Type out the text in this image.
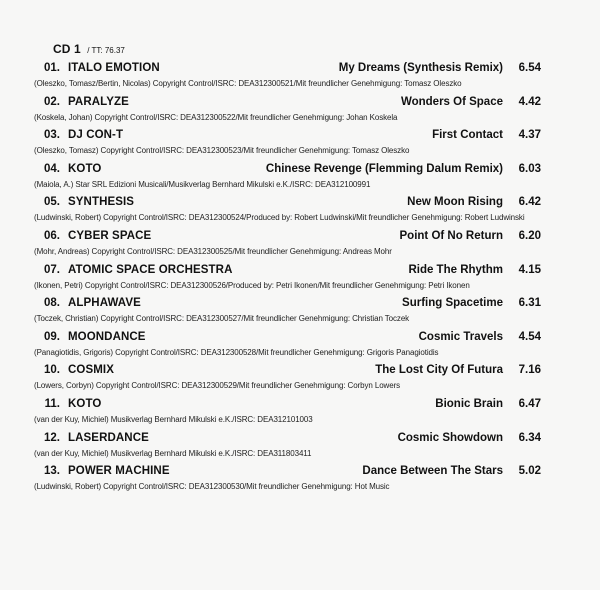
CD 1 / TT: 76.37
01. ITALO EMOTION	My Dreams (Synthesis Remix)	6.54
(Oleszko, Tomasz/Bertin, Nicolas) Copyright Control/ISRC: DEA312300521/Mit freundlicher Genehmigung: Tomasz Oleszko
02. PARALYZE	Wonders Of Space	4.42
(Koskela, Johan) Copyright Control/ISRC: DEA312300522/Mit freundlicher Genehmigung: Johan Koskela
03. DJ CON-T	First Contact	4.37
(Oleszko, Tomasz) Copyright Control/ISRC: DEA312300523/Mit freundlicher Genehmigung: Tomasz Oleszko
04. KOTO	Chinese Revenge (Flemming Dalum Remix)	6.03
(Maiola, A.) Star SRL Edizioni Musicali/Musikverlag Bernhard Mikulski e.K./ISRC: DEA312100991
05. SYNTHESIS	New Moon Rising	6.42
(Ludwinski, Robert) Copyright Control/ISRC: DEA312300524/Produced by: Robert Ludwinski/Mit freundlicher Genehmigung: Robert Ludwinski
06. CYBER SPACE	Point Of No Return	6.20
(Mohr, Andreas) Copyright Control/ISRC: DEA312300525/Mit freundlicher Genehmigung: Andreas Mohr
07. ATOMIC SPACE ORCHESTRA	Ride The Rhythm	4.15
(Ikonen, Petri) Copyright Control/ISRC: DEA312300526/Produced by: Petri Ikonen/Mit freundlicher Genehmigung: Petri Ikonen
08. ALPHAWAVE	Surfing Spacetime	6.31
(Toczek, Christian) Copyright Control/ISRC: DEA312300527/Mit freundlicher Genehmigung: Christian Toczek
09. MOONDANCE	Cosmic Travels	4.54
(Panagiotidis, Grigoris) Copyright Control/ISRC: DEA312300528/Mit freundlicher Genehmigung: Grigoris Panagiotidis
10. COSMIX	The Lost City Of Futura	7.16
(Lowers, Corbyn) Copyright Control/ISRC: DEA312300529/Mit freundlicher Genehmigung: Corbyn Lowers
11. KOTO	Bionic Brain	6.47
(van der Kuy, Michiel) Musikverlag Bernhard Mikulski e.K./ISRC: DEA312101003
12. LASERDANCE	Cosmic Showdown	6.34
(van der Kuy, Michiel) Musikverlag Bernhard Mikulski e.K./ISRC: DEA311803411
13. POWER MACHINE	Dance Between The Stars	5.02
(Ludwinski, Robert) Copyright Control/ISRC: DEA312300530/Mit freundlicher Genehmigung: Hot Music
